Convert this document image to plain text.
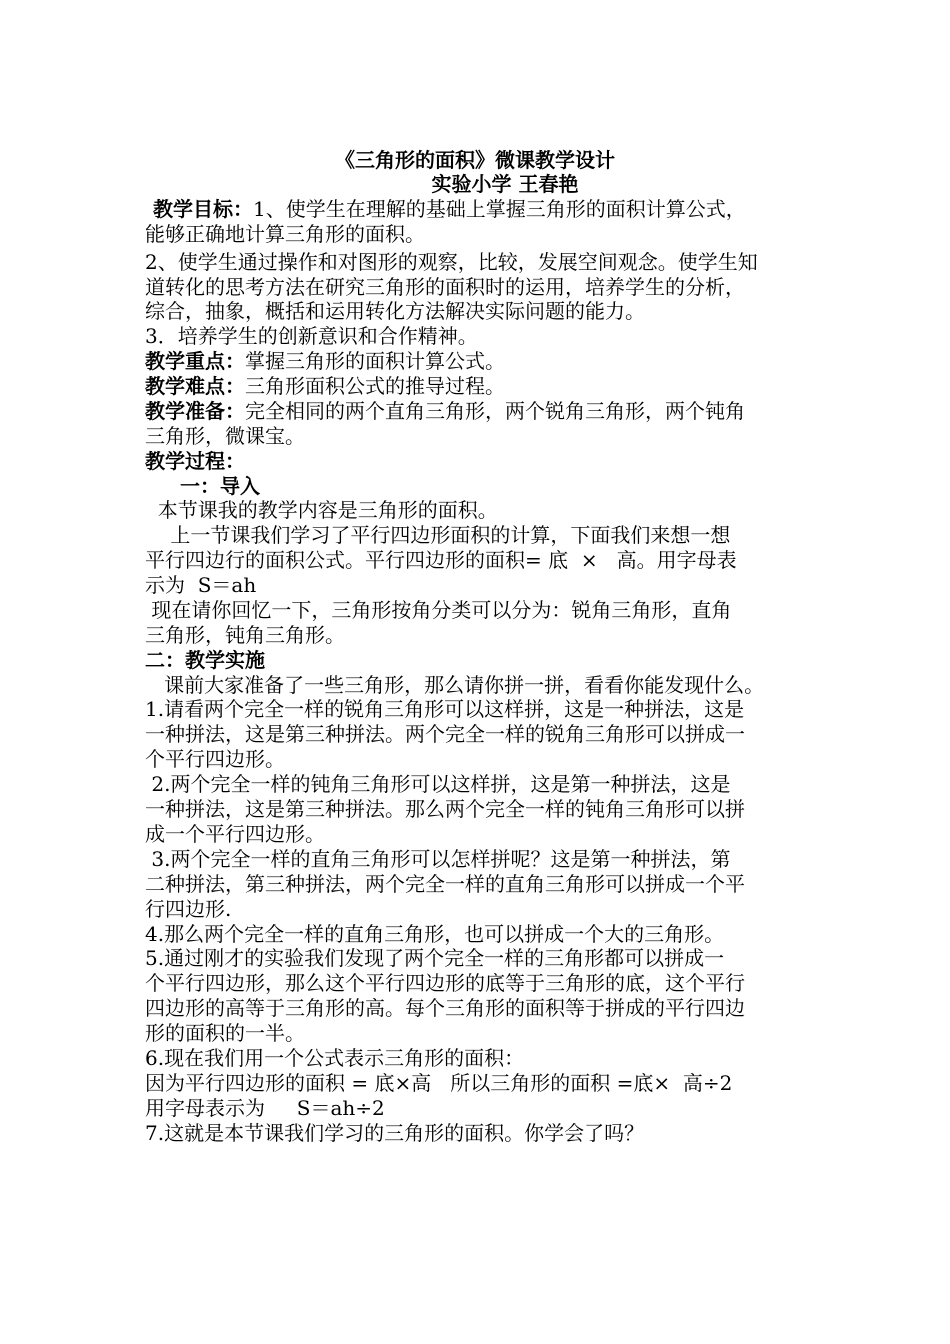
《三角形的面积》微课教学设计
实验小学 王春艳
教学目标：1、使学生在理解的基础上掌握三角形的面积计算公式，
能够正确地计算三角形的面积。
2、使学生通过操作和对图形的观察，比较，发展空间观念。使学生知
道转化的思考方法在研究三角形的面积时的运用，培养学生的分析，
综合，抽象，概括和运用转化方法解决实际问题的能力。
3．培养学生的创新意识和合作精神。
教学重点：掌握三角形的面积计算公式。
教学难点：三角形面积公式的推导过程。
教学准备：完全相同的两个直角三角形，两个锐角三角形，两个钝角
三角形，微课宝。
教学过程：
一：导入
本节课我的教学内容是三角形的面积。
上一节课我们学习了平行四边形面积的计算，下面我们来想一想
平行四边行的面积公式。平行四边形的面积= 底  ×   高。用字母表
示为  S＝ah
现在请你回忆一下，三角形按角分类可以分为：锐角三角形，直角
三角形，钝角三角形。
二：教学实施
课前大家准备了一些三角形，那么请你拼一拼，看看你能发现什么。
1.请看两个完全一样的锐角三角形可以这样拼，这是一种拼法，这是
一种拼法，这是第三种拼法。两个完全一样的锐角三角形可以拼成一
个平行四边形。
2.两个完全一样的钝角三角形可以这样拼，这是第一种拼法，这是
一种拼法，这是第三种拼法。那么两个完全一样的钝角三角形可以拼
成一个平行四边形。
3.两个完全一样的直角三角形可以怎样拼呢？这是第一种拼法，第
二种拼法，第三种拼法，两个完全一样的直角三角形可以拼成一个平
行四边形.
4.那么两个完全一样的直角三角形，也可以拼成一个大的三角形。
5.通过刚才的实验我们发现了两个完全一样的三角形都可以拼成一
个平行四边形，那么这个平行四边形的底等于三角形的底，这个平行
四边形的高等于三角形的高。每个三角形的面积等于拼成的平行四边
形的面积的一半。
6.现在我们用一个公式表示三角形的面积：
因为平行四边形的面积 = 底×高   所以三角形的面积 =底×  高÷2
用字母表示为     S＝ah÷2
7.这就是本节课我们学习的三角形的面积。你学会了吗？
